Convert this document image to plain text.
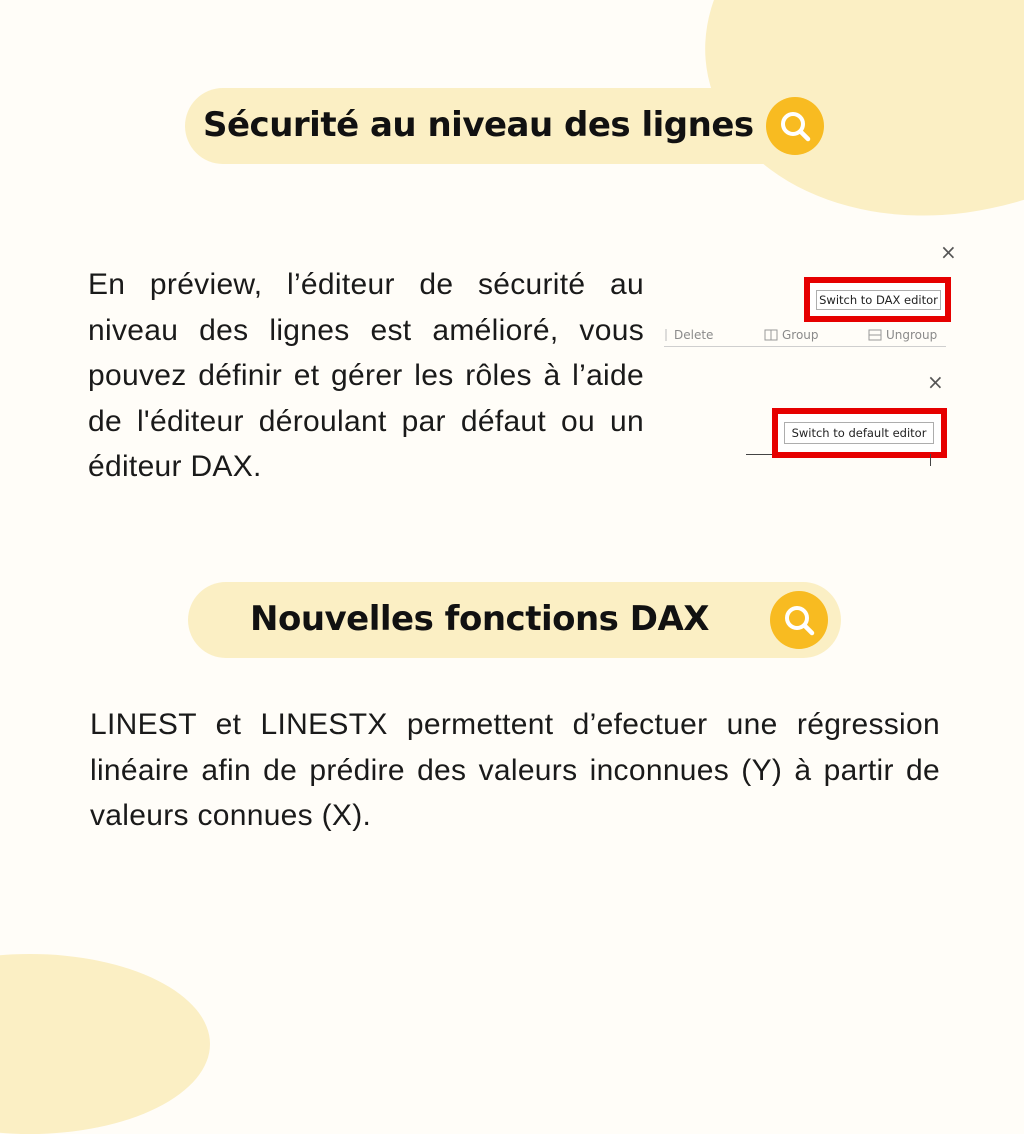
Sécurité au niveau des lignes

En préview, l’éditeur de sécurité au niveau des lignes est amélioré, vous pouvez définir et gérer les rôles à l’aide de l'éditeur déroulant par défaut ou un éditeur DAX.

×
Switch to DAX editor
Delete	Group	Ungroup
×
Switch to default editor
Nouvelles fonctions DAX

LINEST et LINESTX permettent d’efectuer une régression linéaire afin de prédire des valeurs inconnues (Y) à partir de valeurs connues (X).
